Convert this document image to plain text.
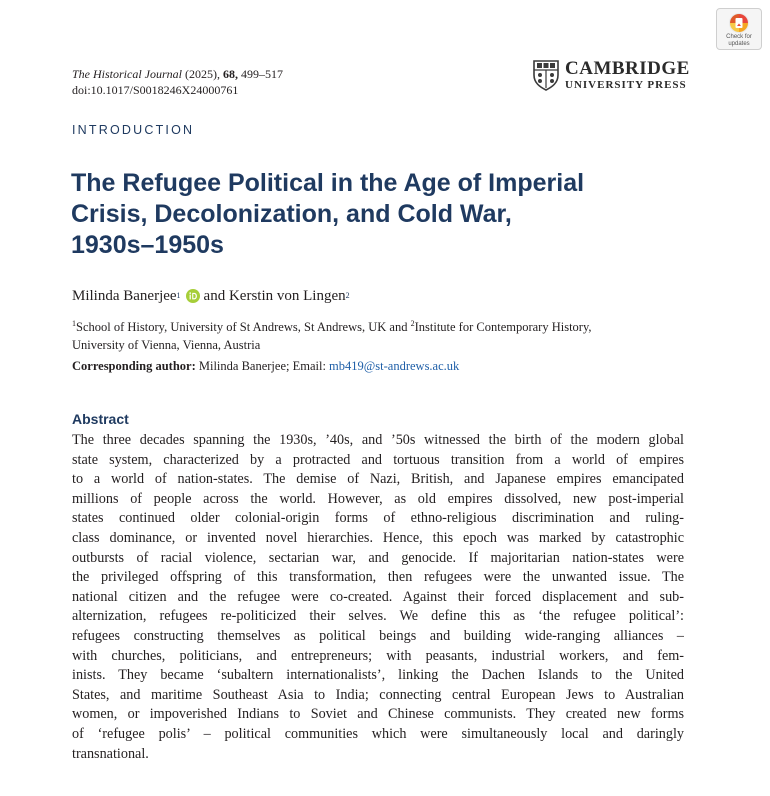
Check for
updates
The Historical Journal (2025), 68, 499–517
doi:10.1017/S0018246X24000761
CAMBRIDGE
UNIVERSITY PRESS
INTRODUCTION
The Refugee Political in the Age of Imperial
Crisis, Decolonization, and Cold War,
1930s–1950s
Milinda Banerjee 1 and
Kerstin von Lingen 2
$^1$School of History, University of St Andrews, St Andrews, UK and $^2$Institute for Contemporary History,
University of Vienna, Vienna, Austria
Corresponding author: Milinda Banerjee; Email: mb419@st-andrews.ac.uk
Abstract
The three decades spanning the 1930s, ’40s, and ’50s witnessed the birth of the modern global
state system, characterized by a protracted and tortuous transition from a world of empires
to a world of nation-states. The demise of Nazi, British, and Japanese empires emancipated
millions of people across the world. However, as old empires dissolved, new post-imperial
states continued older colonial-origin forms of ethno-religious discrimination and ruling-
class dominance, or invented novel hierarchies. Hence, this epoch was marked by catastrophic
outbursts of racial violence, sectarian war, and genocide. If majoritarian nation-states were
the privileged offspring of this transformation, then refugees were the unwanted issue. The
national citizen and the refugee were co-created. Against their forced displacement and sub-
alternization, refugees re-politicized their selves. We define this as ‘the refugee political’:
refugees constructing themselves as political beings and building wide-ranging alliances –
with churches, politicians, and entrepreneurs; with peasants, industrial workers, and fem-
inists. They became ‘subaltern internationalists’, linking the Dachen Islands to the United
States, and maritime Southeast Asia to India; connecting central European Jews to Australian
women, or impoverished Indians to Soviet and Chinese communists. They created new forms
of ‘refugee polis’ – political communities which were simultaneously local and daringly
transnational.
